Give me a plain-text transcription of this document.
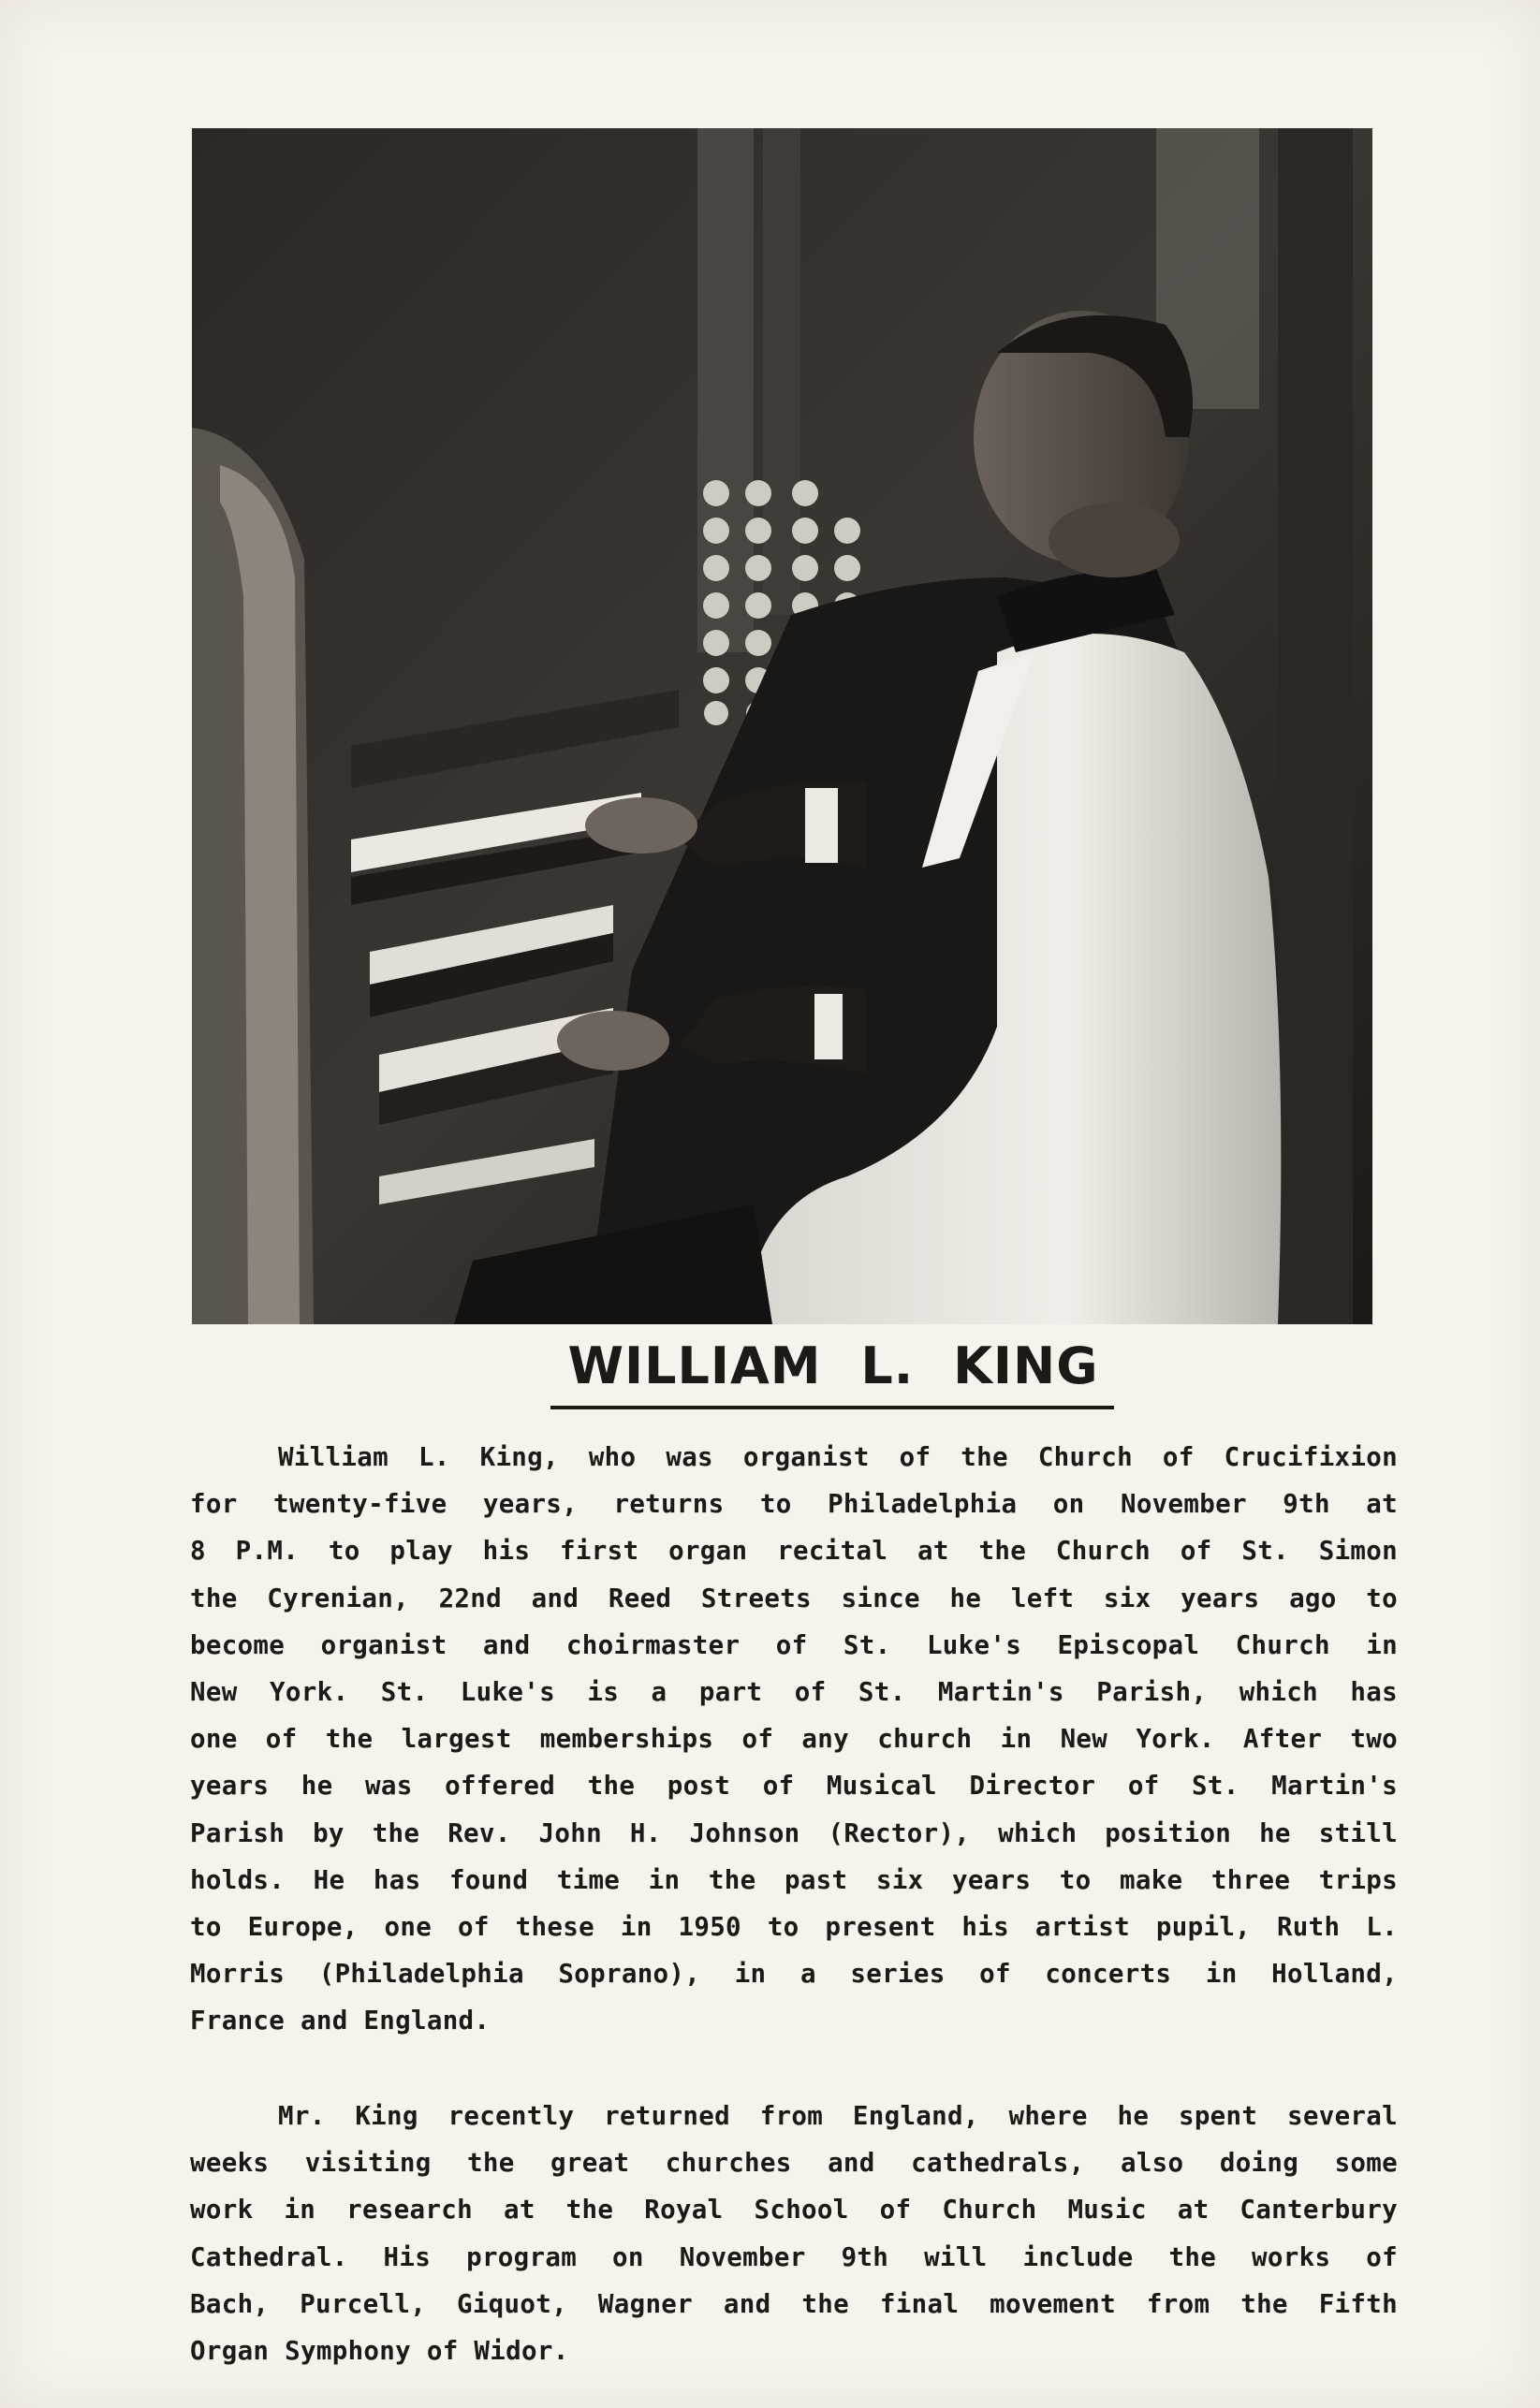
WILLIAM L. KING
William L. King, who was organist of the Church of Crucifixion
for twenty-five years, returns to Philadelphia on November 9th at
8 P.M. to play his first organ recital at the Church of St. Simon
the Cyrenian, 22nd and Reed Streets since he left six years ago to
become organist and choirmaster of St. Luke's Episcopal Church in
New York. St. Luke's is a part of St. Martin's Parish, which has
one of the largest memberships of any church in New York. After two
years he was offered the post of Musical Director of St. Martin's
Parish by the Rev. John H. Johnson (Rector), which position he still
holds. He has found time in the past six years to make three trips
to Europe, one of these in 1950 to present his artist pupil, Ruth L.
Morris (Philadelphia Soprano), in a series of concerts in Holland,
France and England.
Mr. King recently returned from England, where he spent several
weeks visiting the great churches and cathedrals, also doing some
work in research at the Royal School of Church Music at Canterbury
Cathedral. His program on November 9th will include the works of
Bach, Purcell, Giquot, Wagner and the final movement from the Fifth
Organ Symphony of Widor.
